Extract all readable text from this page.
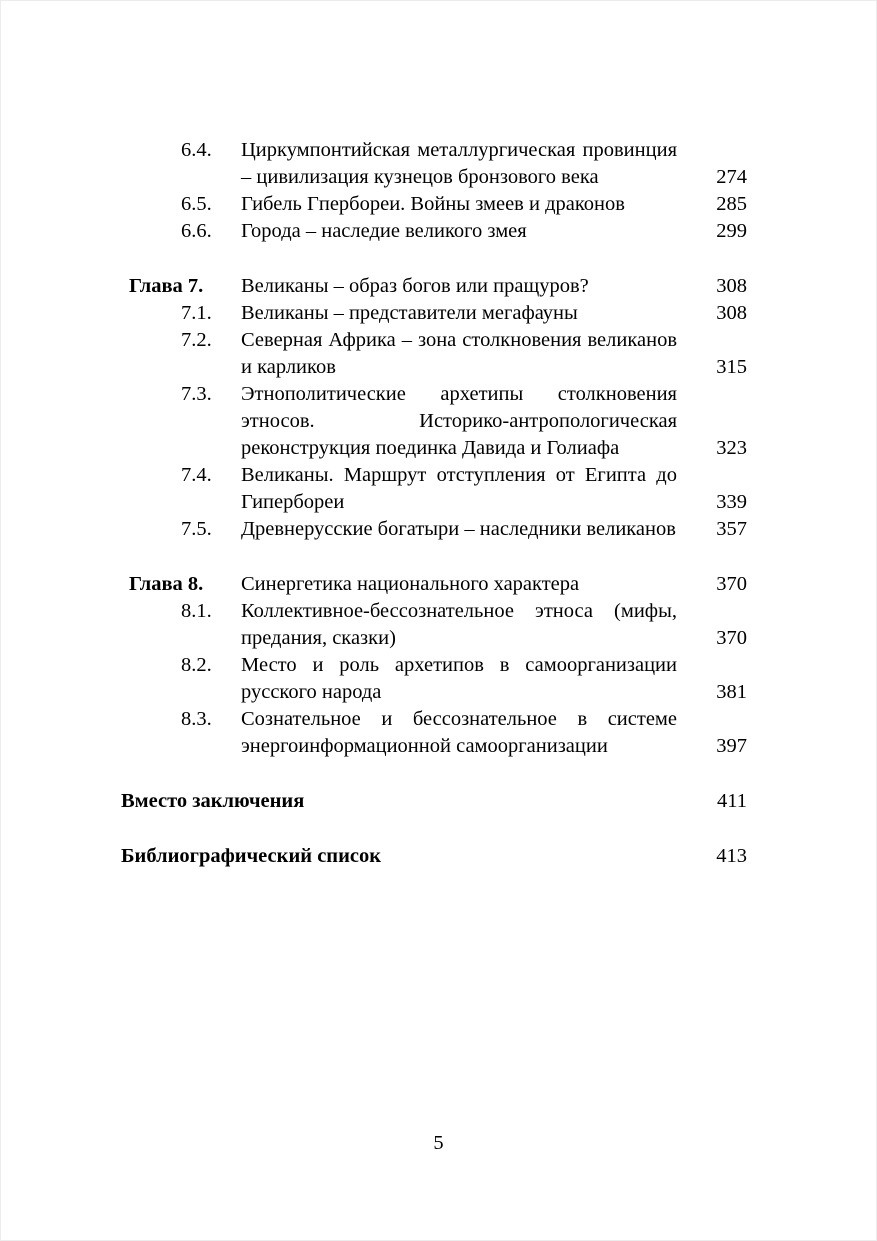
6.4.	Циркумпонтийская металлургическая провинция – цивилизация кузнецов бронзового века	274
6.5.	Гибель Гпербореи. Войны змеев и драконов	285
6.6.	Города – наследие великого змея	299
Глава 7.	Великаны – образ богов или пращуров?	308
7.1.	Великаны – представители мегафауны	308
7.2.	Северная Африка – зона столкновения великанов и карликов	315
7.3.	Этнополитические архетипы столкновения этносов. Историко-антропологическая реконструкция поединка Давида и Голиафа	323
7.4.	Великаны. Маршрут отступления от Египта до Гипербореи	339
7.5.	Древнерусские богатыри – наследники великанов	357
Глава 8.	Синергетика национального характера	370
8.1.	Коллективное-бессознательное этноса (мифы, предания, сказки)	370
8.2.	Место и роль архетипов в самоорганизации русского народа	381
8.3.	Сознательное и бессознательное в системе энергоинформационной самоорганизации	397
Вместо заключения	411
Библиографический список	413
5
